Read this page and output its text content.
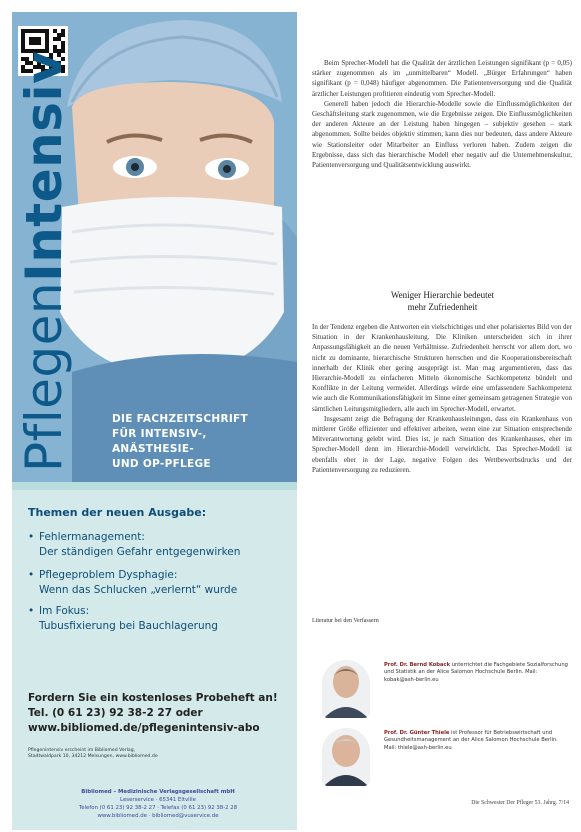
DIE FACHZEITSCHRIFT
FÜR INTENSIV-, ANÄSTHESIE-
UND OP-PFLEGE
PflegenIntensiv
Themen der neuen Ausgabe:
• Fehlermanagement:
Der ständigen Gefahr entgegenwirken
• Pflegeproblem Dysphagie:
Wenn das Schlucken „verlernt“ wurde
• Im Fokus:
Tubusfixierung bei Bauchlagerung
Fordern Sie ein kostenloses Probeheft an!
Tel. (0 61 23) 92 38-2 27 oder
www.bibliomed.de/pflegenintensiv-abo
Pflegenintensiv erscheint im Bibliomed Verlag,
Stadtwaldpark 10, 34212 Melsungen, www.bibliomed.de
Bibliomed – Medizinische Verlagsgesellschaft mbH
Leserservice · 65341 Eltville
Telefon (0 61 23) 92 38-2 27 · Telefax (0 61 23) 92 38-2 28
www.bibliomed.de · bibliomed@vuservice.de

Beim Sprecher-Modell hat die Qualität der ärztlichen Leistungen signifikant (p = 0,05) stärker zugenommen als im „unmittelbaren“ Modell. „Bürger Erfahrungen“ haben signifikant (p = 0,048) häufiger abgenommen. Die Patientenversorgung und die Qualität ärztlicher Leistungen profitieren eindeutig vom Sprecher-Modell.

Generell haben jedoch die Hierarchie-Modelle sowie die Einflussmöglichkeiten der Geschäftsleitung stark zugenommen, wie die Ergebnisse zeigen. Die Einflussmöglichkeiten der anderen Akteure an der Leistung haben hingegen – subjektiv gesehen – stark abgenommen. Sollte beides objektiv stimmen, kann dies nur bedeuten, dass andere Akteure wie Stationsleiter oder Mitarbeiter an Einfluss verloren haben. Zudem zeigen die Ergebnisse, dass sich das hierarchische Modell eher negativ auf die Unternehmenskultur, Patientenversorgung und Qualitätsentwicklung auswirkt.

Weniger Hierarchie bedeutet
mehr Zufriedenheit

In der Tendenz ergeben die Antworten ein vielschichtiges und eher polarisiertes Bild von der Situation in der Krankenhausleitung. Die Kliniken unterscheiden sich in ihrer Anpassungsfähigkeit an die neuen Verhältnisse. Zufriedenheit herrscht vor allem dort, wo nicht zu dominante, hierarchische Strukturen herrschen und die Kooperationsbereitschaft innerhalb der Klinik eher gering ausgeprägt ist. Man mag argumentieren, dass das Hierarchie-Modell zu einfacheren Mitteln ökonomische Sachkompetenz bündelt und Konflikte in der Leitung vermeidet. Allerdings würde eine umfassendere Sachkompetenz wie auch die Kommunikationsfähigkeit im Sinne einer gemeinsam getragenen Strategie von sämtlichen Leitungsmitgliedern, alle auch im Sprecher-Modell, erwartet.

Insgesamt zeigt die Befragung der Krankenhausleitungen, dass ein Krankenhaus von mittlerer Größe effizienter und effektiver arbeiten, wenn eine zur Situation entsprechende Mitverantwortung gelebt wird. Dies ist, je nach Situation des Krankenhauses, eher im Sprecher-Modell denn im Hierarchie-Modell verwirklicht. Das Sprecher-Modell ist ebenfalls eher in der Lage, negative Folgen des Wettbewerbsdrucks und der Patientenversorgung zu reduzieren.

Literatur bei den Verfassern
Prof. Dr. Bernd Koback unterrichtet die Fachgebiete Sozialforschung und Statistik an der Alice Salomon Hochschule Berlin. Mail: kobak@ash-berlin.eu
Prof. Dr. Günter Thiele ist Professor für Betriebswirtschaft und Gesundheitsmanagement an der Alice Salomon Hochschule Berlin. Mail: thiele@ash-berlin.eu
Die Schwester Der Pfleger 53. Jahrg. 7/14
